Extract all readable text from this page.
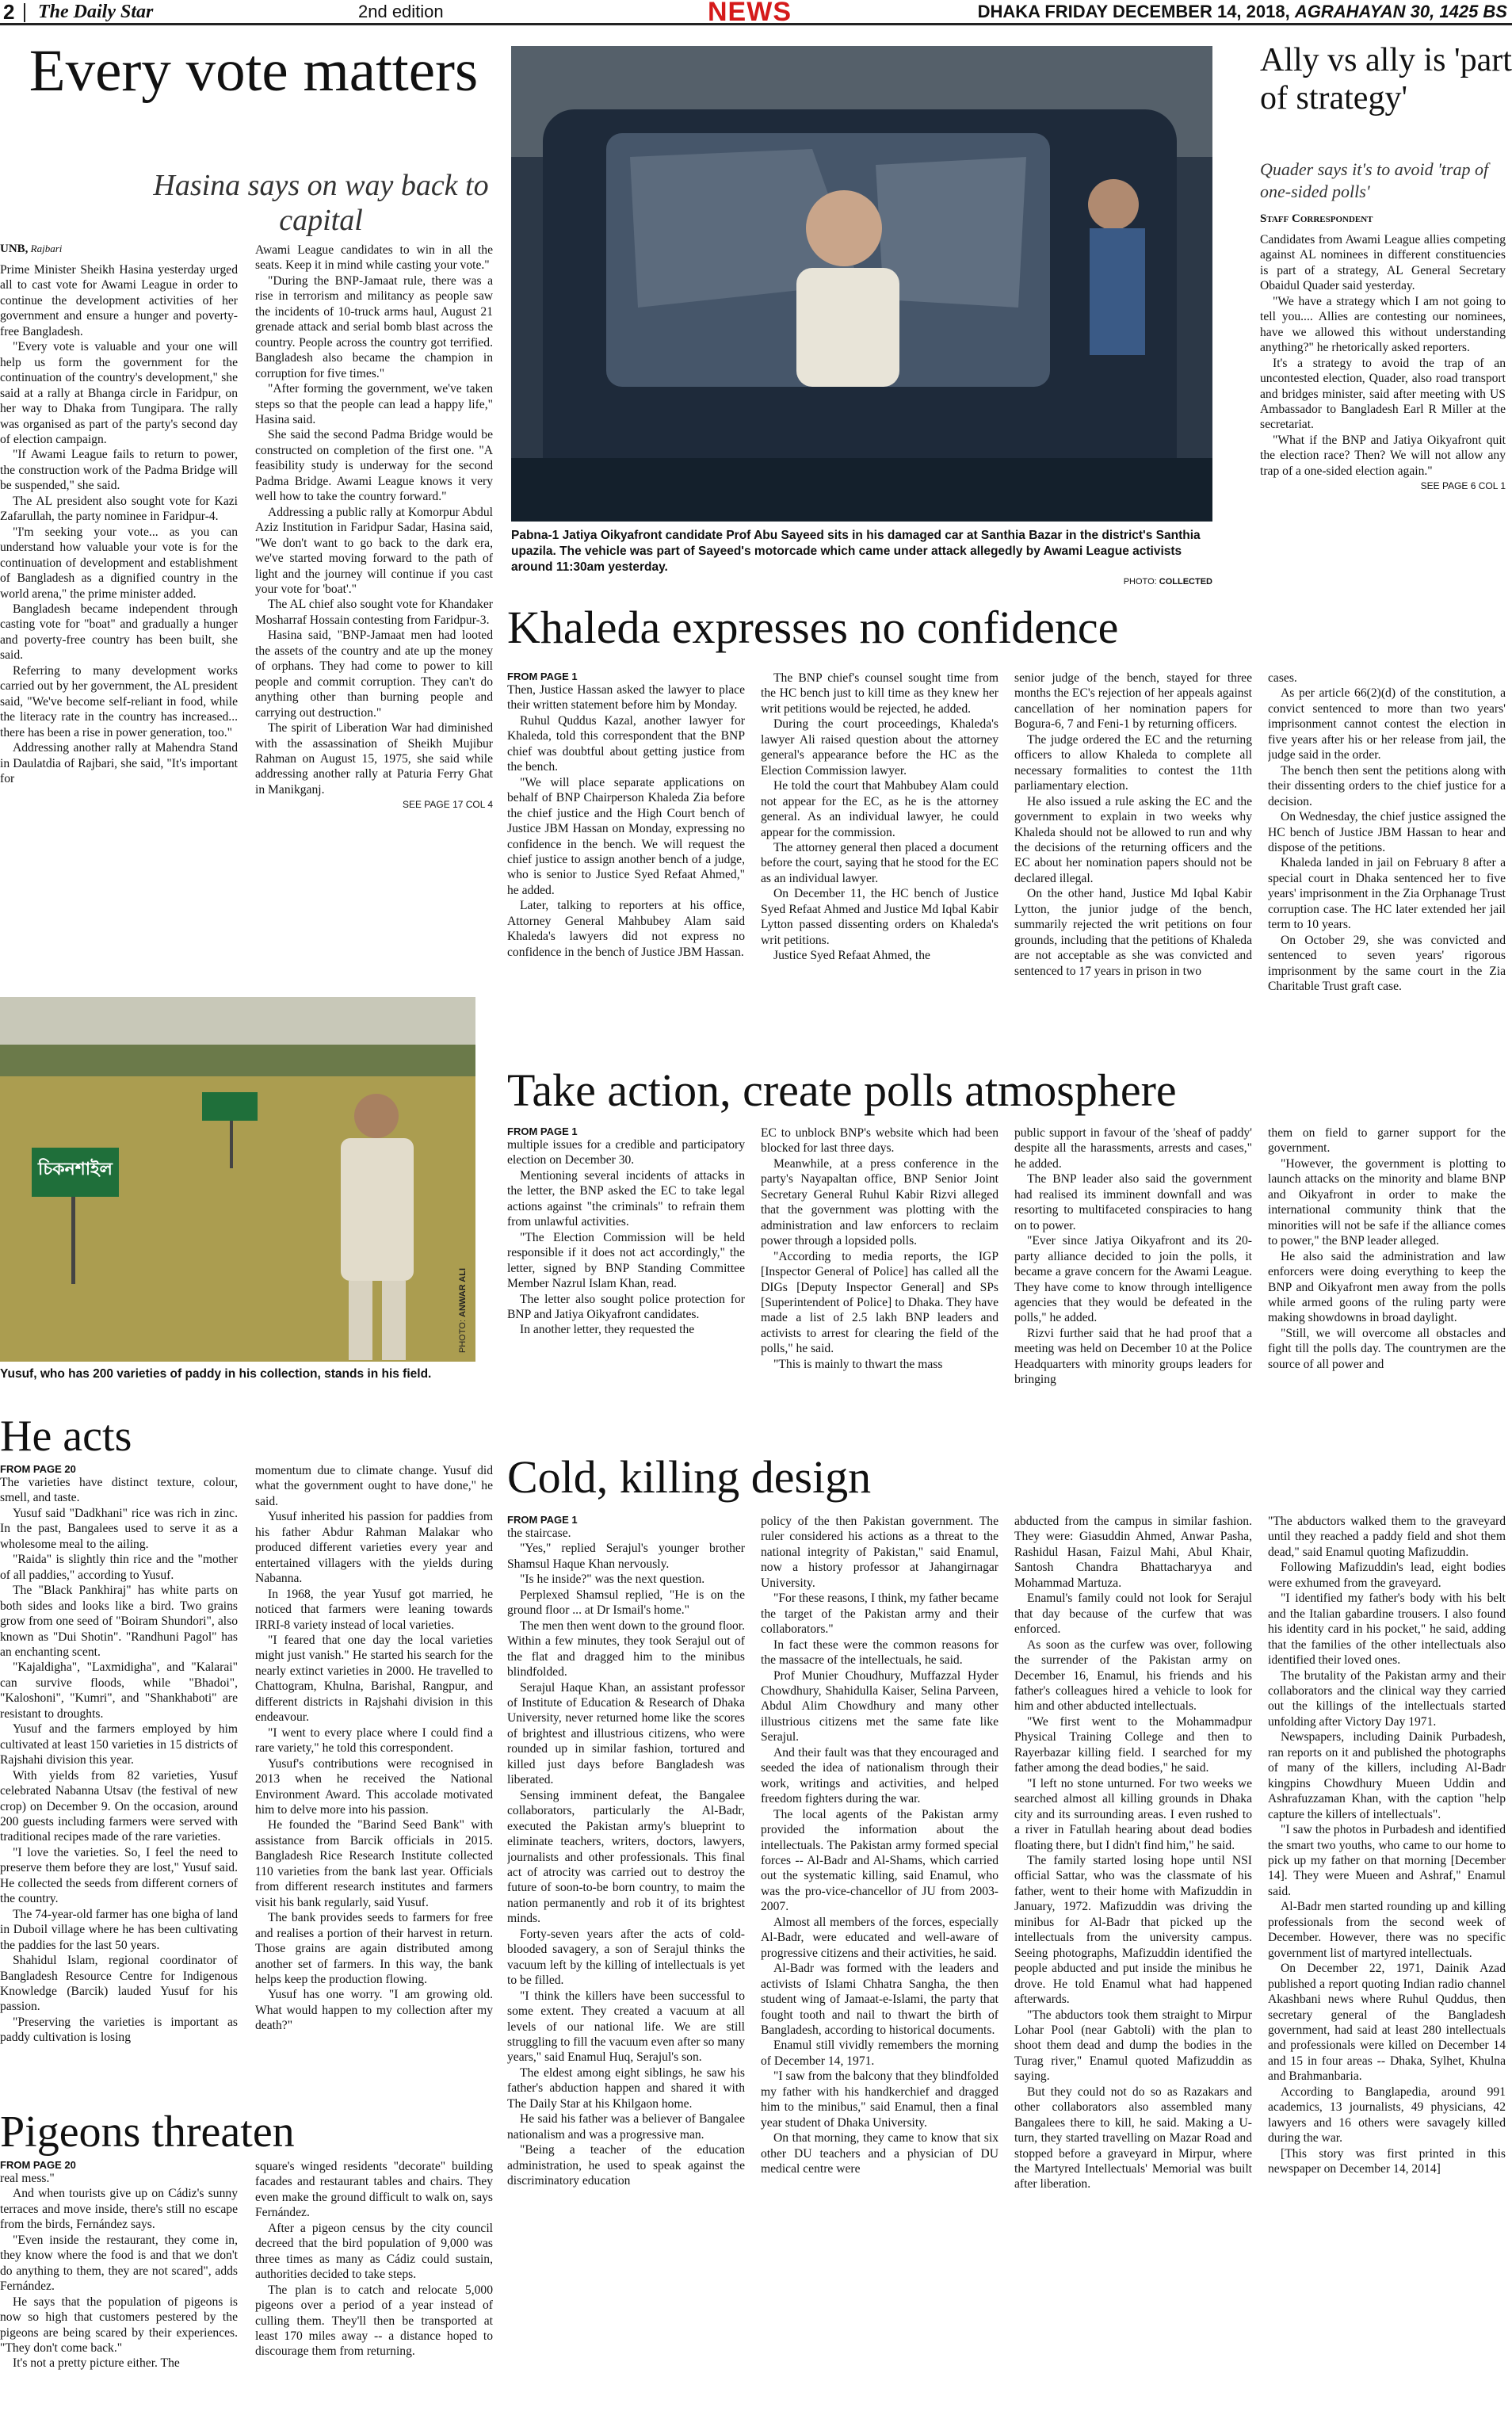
2 The Daily Star	2nd edition	NEWS	DHAKA FRIDAY DECEMBER 14, 2018, AGRAHAYAN 30, 1425 BS
Every vote matters
Hasina says on way back to capital
UNB, Rajbari

Prime Minister Sheikh Hasina yesterday urged all to cast vote for Awami League in order to continue the development activities of her government and ensure a hunger and poverty-free Bangladesh.

"Every vote is valuable and your one will help us form the government for the continuation of the country's development," she said at a rally at Bhanga circle in Faridpur, on her way to Dhaka from Tungipara. The rally was organised as part of the party's second day of election campaign.

"If Awami League fails to return to power, the construction work of the Padma Bridge will be suspended," she said.

The AL president also sought vote for Kazi Zafarullah, the party nominee in Faridpur-4.

"I'm seeking your vote... as you can understand how valuable your vote is for the continuation of development and establishment of Bangladesh as a dignified country in the world arena," the prime minister added.

Bangladesh became independent through casting vote for "boat" and gradually a hunger and poverty-free country has been built, she said.

Referring to many development works carried out by her government, the AL president said, "We've become self-reliant in food, while the literacy rate in the country has increased... there has been a rise in power generation, too."

Addressing another rally at Mahendra Stand in Daulatdia of Rajbari, she said, "It's important for

Awami League candidates to win in all the seats. Keep it in mind while casting your vote."

"During the BNP-Jamaat rule, there was a rise in terrorism and militancy as people saw the incidents of 10-truck arms haul, August 21 grenade attack and serial bomb blast across the country. People across the country got terrified. Bangladesh also became the champion in corruption for five times."

"After forming the government, we've taken steps so that the people can lead a happy life," Hasina said.

She said the second Padma Bridge would be constructed on completion of the first one. "A feasibility study is underway for the second Padma Bridge. Awami League knows it very well how to take the country forward."

Addressing a public rally at Komorpur Abdul Aziz Institution in Faridpur Sadar, Hasina said, "We don't want to go back to the dark era, we've started moving forward to the path of light and the journey will continue if you cast your vote for 'boat'."

The AL chief also sought vote for Khandaker Mosharraf Hossain contesting from Faridpur-3.

Hasina said, "BNP-Jamaat men had looted the assets of the country and ate up the money of orphans. They had come to power to kill people and commit corruption. They can't do anything other than burning people and carrying out destruction."

The spirit of Liberation War had diminished with the assassination of Sheikh Mujibur Rahman on August 15, 1975, she said while addressing another rally at Paturia Ferry Ghat in Manikganj.

SEE PAGE 17 COL 4

Pabna-1 Jatiya Oikyafront candidate Prof Abu Sayeed sits in his damaged car at Santhia Bazar in the district's Santhia upazila. The vehicle was part of Sayeed's motorcade which came under attack allegedly by Awami League activists around 11:30am yesterday.
PHOTO: COLLECTED
Ally vs ally is 'part of strategy'
Quader says it's to avoid 'trap of one-sided polls'
Staff Correspondent

Candidates from Awami League allies competing against AL nominees in different constituencies is part of a strategy, AL General Secretary Obaidul Quader said yesterday.

"We have a strategy which I am not going to tell you.... Allies are contesting our nominees, have we allowed this without understanding anything?" he rhetorically asked reporters.

It's a strategy to avoid the trap of an uncontested election, Quader, also road transport and bridges minister, said after meeting with US Ambassador to Bangladesh Earl R Miller at the secretariat.

"What if the BNP and Jatiya Oikyafront quit the election race? Then? We will not allow any trap of a one-sided election again."

SEE PAGE 6 COL 1

Khaleda expresses no confidence

FROM PAGE 1

Then, Justice Hassan asked the lawyer to place their written statement before him by Monday.

Ruhul Quddus Kazal, another lawyer for Khaleda, told this correspondent that the BNP chief was doubtful about getting justice from the bench.

"We will place separate applications on behalf of BNP Chairperson Khaleda Zia before the chief justice and the High Court bench of Justice JBM Hassan on Monday, expressing no confidence in the bench. We will request the chief justice to assign another bench of a judge, who is senior to Justice Syed Refaat Ahmed," he added.

Later, talking to reporters at his office, Attorney General Mahbubey Alam said Khaleda's lawyers did not express no confidence in the bench of Justice JBM Hassan.

The BNP chief's counsel sought time from the HC bench just to kill time as they knew her writ petitions would be rejected, he added.

During the court proceedings, Khaleda's lawyer Ali raised question about the attorney general's appearance before the HC as the Election Commission lawyer.

He told the court that Mahbubey Alam could not appear for the EC, as he is the attorney general. As an individual lawyer, he could appear for the commission.

The attorney general then placed a document before the court, saying that he stood for the EC as an individual lawyer.

On December 11, the HC bench of Justice Syed Refaat Ahmed and Justice Md Iqbal Kabir Lytton passed dissenting orders on Khaleda's writ petitions.

Justice Syed Refaat Ahmed, the

senior judge of the bench, stayed for three months the EC's rejection of her appeals against cancellation of her nomination papers for Bogura-6, 7 and Feni-1 by returning officers.

The judge ordered the EC and the returning officers to allow Khaleda to complete all necessary formalities to contest the 11th parliamentary election.

He also issued a rule asking the EC and the government to explain in two weeks why Khaleda should not be allowed to run and why the decisions of the returning officers and the EC about her nomination papers should not be declared illegal.

On the other hand, Justice Md Iqbal Kabir Lytton, the junior judge of the bench, summarily rejected the writ petitions on four grounds, including that the petitions of Khaleda are not acceptable as she was convicted and sentenced to 17 years in prison in two

cases.

As per article 66(2)(d) of the constitution, a convict sentenced to more than two years' imprisonment cannot contest the election in five years after his or her release from jail, the judge said in the order.

The bench then sent the petitions along with their dissenting orders to the chief justice for a decision.

On Wednesday, the chief justice assigned the HC bench of Justice JBM Hassan to hear and dispose of the petitions.

Khaleda landed in jail on February 8 after a special court in Dhaka sentenced her to five years' imprisonment in the Zia Orphanage Trust corruption case. The HC later extended her jail term to 10 years.

On October 29, she was convicted and sentenced to seven years' rigorous imprisonment by the same court in the Zia Charitable Trust graft case.

চিকনশাইল
PHOTO: ANWAR ALI
Yusuf, who has 200 varieties of paddy in his collection, stands in his field.
Take action, create polls atmosphere

FROM PAGE 1

multiple issues for a credible and participatory election on December 30.

Mentioning several incidents of attacks in the letter, the BNP asked the EC to take legal actions against "the criminals" to refrain them from unlawful activities.

"The Election Commission will be held responsible if it does not act accordingly," the letter, signed by BNP Standing Committee Member Nazrul Islam Khan, read.

The letter also sought police protection for BNP and Jatiya Oikyafront candidates.

In another letter, they requested the

EC to unblock BNP's website which had been blocked for last three days.

Meanwhile, at a press conference in the party's Nayapaltan office, BNP Senior Joint Secretary General Ruhul Kabir Rizvi alleged that the government was plotting with the administration and law enforcers to reclaim power through a lopsided polls.

"According to media reports, the IGP [Inspector General of Police] has called all the DIGs [Deputy Inspector General] and SPs [Superintendent of Police] to Dhaka. They have made a list of 2.5 lakh BNP leaders and activists to arrest for clearing the field of the polls," he said.

"This is mainly to thwart the mass

public support in favour of the 'sheaf of paddy' despite all the harassments, arrests and cases," he added.

The BNP leader also said the government had realised its imminent downfall and was resorting to multifaceted conspiracies to hang on to power.

"Ever since Jatiya Oikyafront and its 20-party alliance decided to join the polls, it became a grave concern for the Awami League. They have come to know through intelligence agencies that they would be defeated in the polls," he added.

Rizvi further said that he had proof that a meeting was held on December 10 at the Police Headquarters with minority groups leaders for bringing

them on field to garner support for the government.

"However, the government is plotting to launch attacks on the minority and blame BNP and Oikyafront in order to make the international community think that the minorities will not be safe if the alliance comes to power," the BNP leader alleged.

He also said the administration and law enforcers were doing everything to keep the BNP and Oikyafront men away from the polls while armed goons of the ruling party were making showdowns in broad daylight.

"Still, we will overcome all obstacles and fight till the polls day. The countrymen are the source of all power and

He acts

FROM PAGE 20

The varieties have distinct texture, colour, smell, and taste.

Yusuf said "Dadkhani" rice was rich in zinc. In the past, Bangalees used to serve it as a wholesome meal to the ailing.

"Raida" is slightly thin rice and the "mother of all paddies," according to Yusuf.

The "Black Pankhiraj" has white parts on both sides and looks like a bird. Two grains grow from one seed of "Boiram Shundori", also known as "Dui Shotin". "Randhuni Pagol" has an enchanting scent.

"Kajaldigha", "Laxmidigha", and "Kalarai" can survive floods, while "Bhadoi", "Kaloshoni", "Kumri", and "Shankhaboti" are resistant to droughts.

Yusuf and the farmers employed by him cultivated at least 150 varieties in 15 districts of Rajshahi division this year.

With yields from 82 varieties, Yusuf celebrated Nabanna Utsav (the festival of new crop) on December 9. On the occasion, around 200 guests including farmers were served with traditional recipes made of the rare varieties.

"I love the varieties. So, I feel the need to preserve them before they are lost," Yusuf said. He collected the seeds from different corners of the country.

The 74-year-old farmer has one bigha of land in Duboil village where he has been cultivating the paddies for the last 50 years.

Shahidul Islam, regional coordinator of Bangladesh Resource Centre for Indigenous Knowledge (Barcik) lauded Yusuf for his passion.

"Preserving the varieties is important as paddy cultivation is losing

momentum due to climate change. Yusuf did what the government ought to have done," he said.

Yusuf inherited his passion for paddies from his father Abdur Rahman Malakar who produced different varieties every year and entertained villagers with the yields during Nabanna.

In 1968, the year Yusuf got married, he noticed that farmers were leaning towards IRRI-8 variety instead of local varieties.

"I feared that one day the local varieties might just vanish." He started his search for the nearly extinct varieties in 2000. He travelled to Chattogram, Khulna, Barishal, Rangpur, and different districts in Rajshahi division in this endeavour.

"I went to every place where I could find a rare variety," he told this correspondent.

Yusuf's contributions were recognised in 2013 when he received the National Environment Award. This accolade motivated him to delve more into his passion.

He founded the "Barind Seed Bank" with assistance from Barcik officials in 2015. Bangladesh Rice Research Institute collected 110 varieties from the bank last year. Officials from different research institutes and farmers visit his bank regularly, said Yusuf.

The bank provides seeds to farmers for free and realises a portion of their harvest in return. Those grains are again distributed among another set of farmers. In this way, the bank helps keep the production flowing.

Yusuf has one worry. "I am growing old. What would happen to my collection after my death?"

Pigeons threaten

FROM PAGE 20

real mess."

And when tourists give up on Cádiz's sunny terraces and move inside, there's still no escape from the birds, Fernández says.

"Even inside the restaurant, they come in, they know where the food is and that we don't do anything to them, they are not scared", adds Fernández.

He says that the population of pigeons is now so high that customers pestered by the pigeons are being scared by their experiences. "They don't come back."

It's not a pretty picture either. The

square's winged residents "decorate" building facades and restaurant tables and chairs. They even make the ground difficult to walk on, says Fernández.

After a pigeon census by the city council decreed that the bird population of 9,000 was three times as many as Cádiz could sustain, authorities decided to take steps.

The plan is to catch and relocate 5,000 pigeons over a period of a year instead of culling them. They'll then be transported at least 170 miles away -- a distance hoped to discourage them from returning.

Cold, killing design

FROM PAGE 1

the staircase.

"Yes," replied Serajul's younger brother Shamsul Haque Khan nervously.

"Is he inside?" was the next question.

Perplexed Shamsul replied, "He is on the ground floor ... at Dr Ismail's home."

The men then went down to the ground floor. Within a few minutes, they took Serajul out of the flat and dragged him to the minibus blindfolded.

Serajul Haque Khan, an assistant professor of Institute of Education & Research of Dhaka University, never returned home like the scores of brightest and illustrious citizens, who were rounded up in similar fashion, tortured and killed just days before Bangladesh was liberated.

Sensing imminent defeat, the Bangalee collaborators, particularly the Al-Badr, executed the Pakistan army's blueprint to eliminate teachers, writers, doctors, lawyers, journalists and other professionals. This final act of atrocity was carried out to destroy the future of soon-to-be born country, to maim the nation permanently and rob it of its brightest minds.

Forty-seven years after the acts of cold-blooded savagery, a son of Serajul thinks the vacuum left by the killing of intellectuals is yet to be filled.

"I think the killers have been successful to some extent. They created a vacuum at all levels of our national life. We are still struggling to fill the vacuum even after so many years," said Enamul Huq, Serajul's son.

The eldest among eight siblings, he saw his father's abduction happen and shared it with The Daily Star at his Khilgaon home.

He said his father was a believer of Bangalee nationalism and was a progressive man.

"Being a teacher of the education administration, he used to speak against the discriminatory education

policy of the then Pakistan government. The ruler considered his actions as a threat to the national integrity of Pakistan," said Enamul, now a history professor at Jahangirnagar University.

"For these reasons, I think, my father became the target of the Pakistan army and their collaborators."

In fact these were the common reasons for the massacre of the intellectuals, he said.

Prof Munier Choudhury, Muffazzal Hyder Chowdhury, Shahidulla Kaiser, Selina Parveen, Abdul Alim Chowdhury and many other illustrious citizens met the same fate like Serajul.

And their fault was that they encouraged and seeded the idea of nationalism through their work, writings and activities, and helped freedom fighters during the war.

The local agents of the Pakistan army provided the information about the intellectuals. The Pakistan army formed special forces -- Al-Badr and Al-Shams, which carried out the systematic killing, said Enamul, who was the pro-vice-chancellor of JU from 2003-2007.

Almost all members of the forces, especially Al-Badr, were educated and well-aware of progressive citizens and their activities, he said.

Al-Badr was formed with the leaders and activists of Islami Chhatra Sangha, the then student wing of Jamaat-e-Islami, the party that fought tooth and nail to thwart the birth of Bangladesh, according to historical documents.

Enamul still vividly remembers the morning of December 14, 1971.

"I saw from the balcony that they blindfolded my father with his handkerchief and dragged him to the minibus," said Enamul, then a final year student of Dhaka University.

On that morning, they came to know that six other DU teachers and a physician of DU medical centre were

abducted from the campus in similar fashion. They were: Giasuddin Ahmed, Anwar Pasha, Rashidul Hasan, Faizul Mahi, Abul Khair, Santosh Chandra Bhattacharyya and Mohammad Martuza.

Enamul's family could not look for Serajul that day because of the curfew that was enforced.

As soon as the curfew was over, following the surrender of the Pakistan army on December 16, Enamul, his friends and his father's colleagues hired a vehicle to look for him and other abducted intellectuals.

"We first went to the Mohammadpur Physical Training College and then to Rayerbazar killing field. I searched for my father among the dead bodies," he said.

"I left no stone unturned. For two weeks we searched almost all killing grounds in Dhaka city and its surrounding areas. I even rushed to a river in Fatullah hearing about dead bodies floating there, but I didn't find him," he said.

The family started losing hope until NSI official Sattar, who was the classmate of his father, went to their home with Mafizuddin in January, 1972. Mafizuddin was driving the minibus for Al-Badr that picked up the intellectuals from the university campus. Seeing photographs, Mafizuddin identified the people abducted and put inside the minibus he drove. He told Enamul what had happened afterwards.

"The abductors took them straight to Mirpur Lohar Pool (near Gabtoli) with the plan to shoot them dead and dump the bodies in the Turag river," Enamul quoted Mafizuddin as saying.

But they could not do so as Razakars and other collaborators also assembled many Bangalees there to kill, he said. Making a U-turn, they started travelling on Mazar Road and stopped before a graveyard in Mirpur, where the Martyred Intellectuals' Memorial was built after liberation.

"The abductors walked them to the graveyard until they reached a paddy field and shot them dead," said Enamul quoting Mafizuddin.

Following Mafizuddin's lead, eight bodies were exhumed from the graveyard.

"I identified my father's body with his belt and the Italian gabardine trousers. I also found his identity card in his pocket," he said, adding that the families of the other intellectuals also identified their loved ones.

The brutality of the Pakistan army and their collaborators and the clinical way they carried out the killings of the intellectuals started unfolding after Victory Day 1971.

Newspapers, including Dainik Purbadesh, ran reports on it and published the photographs of many of the killers, including Al-Badr kingpins Chowdhury Mueen Uddin and Ashrafuzzaman Khan, with the caption "help capture the killers of intellectuals".

"I saw the photos in Purbadesh and identified the smart two youths, who came to our home to pick up my father on that morning [December 14]. They were Mueen and Ashraf," Enamul said.

Al-Badr men started rounding up and killing professionals from the second week of December. However, there was no specific government list of martyred intellectuals.

On December 22, 1971, Dainik Azad published a report quoting Indian radio channel Akashbani news where Ruhul Quddus, then secretary general of the Bangladesh government, had said at least 280 intellectuals and professionals were killed on December 14 and 15 in four areas -- Dhaka, Sylhet, Khulna and Brahmanbaria.

According to Banglapedia, around 991 academics, 13 journalists, 49 physicians, 42 lawyers and 16 others were savagely killed during the war.

[This story was first printed in this newspaper on December 14, 2014]
